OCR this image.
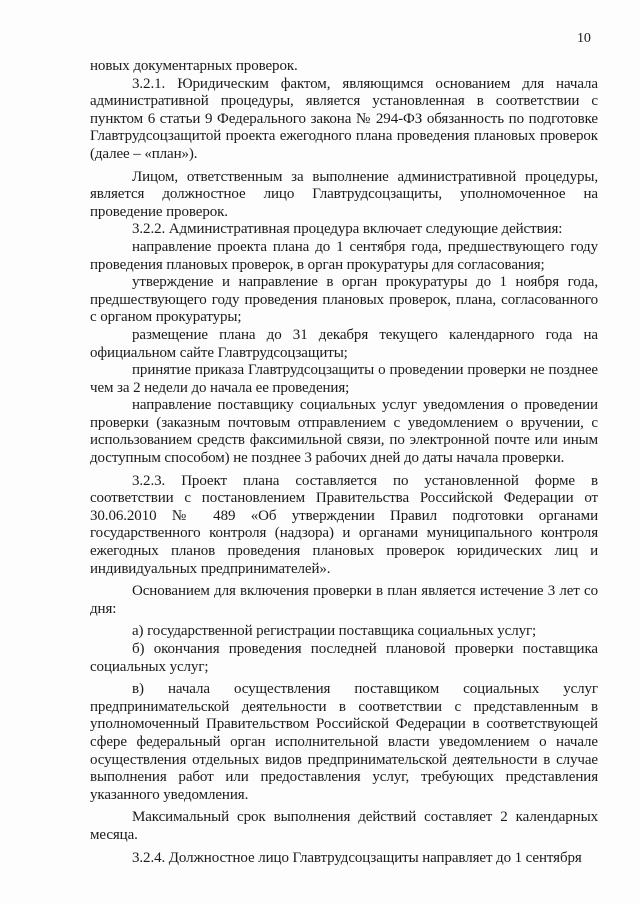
10

новых документарных проверок.

3.2.1. Юридическим фактом, являющимся основанием для начала административной процедуры, является установленная в соответствии с пунктом 6 статьи 9 Федерального закона № 294-ФЗ обязанность по подготовке Главтрудсоцзащитой проекта ежегодного плана проведения плановых проверок (далее – «план»).

Лицом, ответственным за выполнение административной процедуры, является должностное лицо Главтрудсоцзащиты, уполномоченное на проведение проверок.

3.2.2. Административная процедура включает следующие действия:

направление проекта плана до 1 сентября года, предшествующего году проведения плановых проверок, в орган прокуратуры для согласования;

утверждение и направление в орган прокуратуры до 1 ноября года, предшествующего году проведения плановых проверок, плана, согласованного с органом прокуратуры;

размещение плана до 31 декабря текущего календарного года на официальном сайте Главтрудсоцзащиты;

принятие приказа Главтрудсоцзащиты о проведении проверки не позднее чем за 2 недели до начала ее проведения;

направление поставщику социальных услуг уведомления о проведении проверки (заказным почтовым отправлением с уведомлением о вручении, с использованием средств факсимильной связи, по электронной почте или иным доступным способом) не позднее 3 рабочих дней до даты начала проверки.

3.2.3. Проект плана составляется по установленной форме в соответствии с постановлением Правительства Российской Федерации от 30.06.2010 № 489 «Об утверждении Правил подготовки органами государственного контроля (надзора) и органами муниципального контроля ежегодных планов проведения плановых проверок юридических лиц и индивидуальных предпринимателей».

Основанием для включения проверки в план является истечение 3 лет со дня:

а) государственной регистрации поставщика социальных услуг;

б) окончания проведения последней плановой проверки поставщика социальных услуг;

в) начала осуществления поставщиком социальных услуг предпринимательской деятельности в соответствии с представленным в уполномоченный Правительством Российской Федерации в соответствующей сфере федеральный орган исполнительной власти уведомлением о начале осуществления отдельных видов предпринимательской деятельности в случае выполнения работ или предоставления услуг, требующих представления указанного уведомления.

Максимальный срок выполнения действий составляет 2 календарных месяца.

3.2.4. Должностное лицо Главтрудсоцзащиты направляет до 1 сентября
